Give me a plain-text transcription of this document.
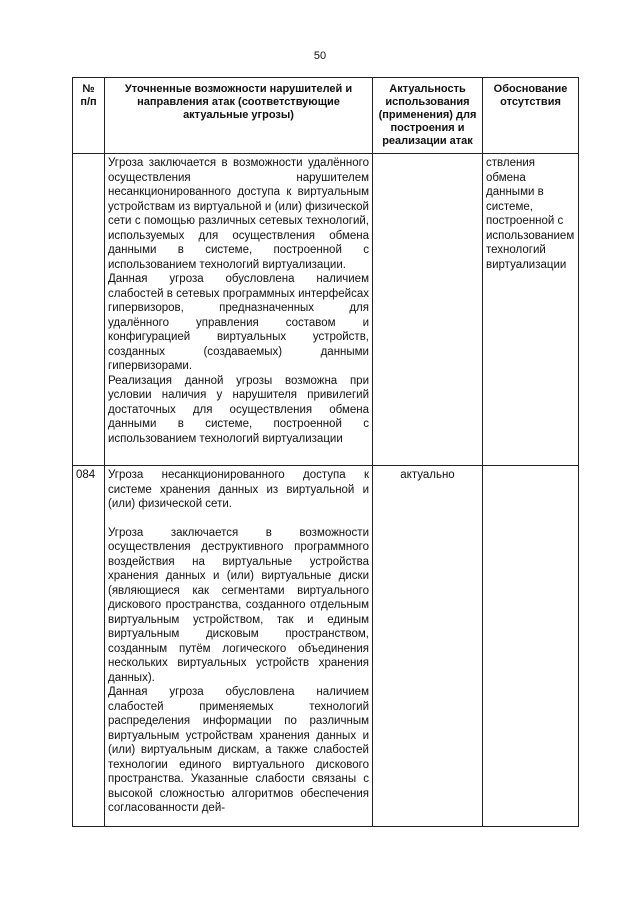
50
№ п/п	Уточненные возможности нарушителей и направления атак (соответствующие актуальные угрозы)	Актуальность использования (применения) для построения и реализации атак	Обоснование отсутствия

	Угроза заключается в возможности удалённого осуществления нарушителем несанкционированного доступа к виртуальным устройствам из виртуальной и (или) физической сети с помощью различных сетевых технологий, используемых для осуществления обмена данными в системе, построенной с использованием технологий виртуализации.

Данная угроза обусловлена наличием слабостей в сетевых программных интерфейсах гипервизоров, предназначенных для удалённого управления составом и конфигурацией виртуальных устройств, созданных (создаваемых) данными гипервизорами.

Реализация данной угрозы возможна при условии наличия у нарушителя привилегий достаточных для осуществления обмена данными в системе, построенной с использованием технологий виртуализации		ствления обмена данными в системе, построенной с использованием технологий виртуализации
084	Угроза несанкционированного доступа к системе хранения данных из виртуальной и (или) физической сети.

Угроза заключается в возможности осуществления деструктивного программного воздействия на виртуальные устройства хранения данных и (или) виртуальные диски (являющиеся как сегментами виртуального дискового пространства, созданного отдельным виртуальным устройством, так и единым виртуальным дисковым пространством, созданным путём логического объединения нескольких виртуальных устройств хранения данных).

Данная угроза обусловлена наличием слабостей применяемых технологий распределения информации по различным виртуальным устройствам хранения данных и (или) виртуальным дискам, а также слабостей технологии единого виртуального дискового пространства. Указанные слабости связаны с высокой сложностью алгоритмов обеспечения согласованности дей-	актуально	
